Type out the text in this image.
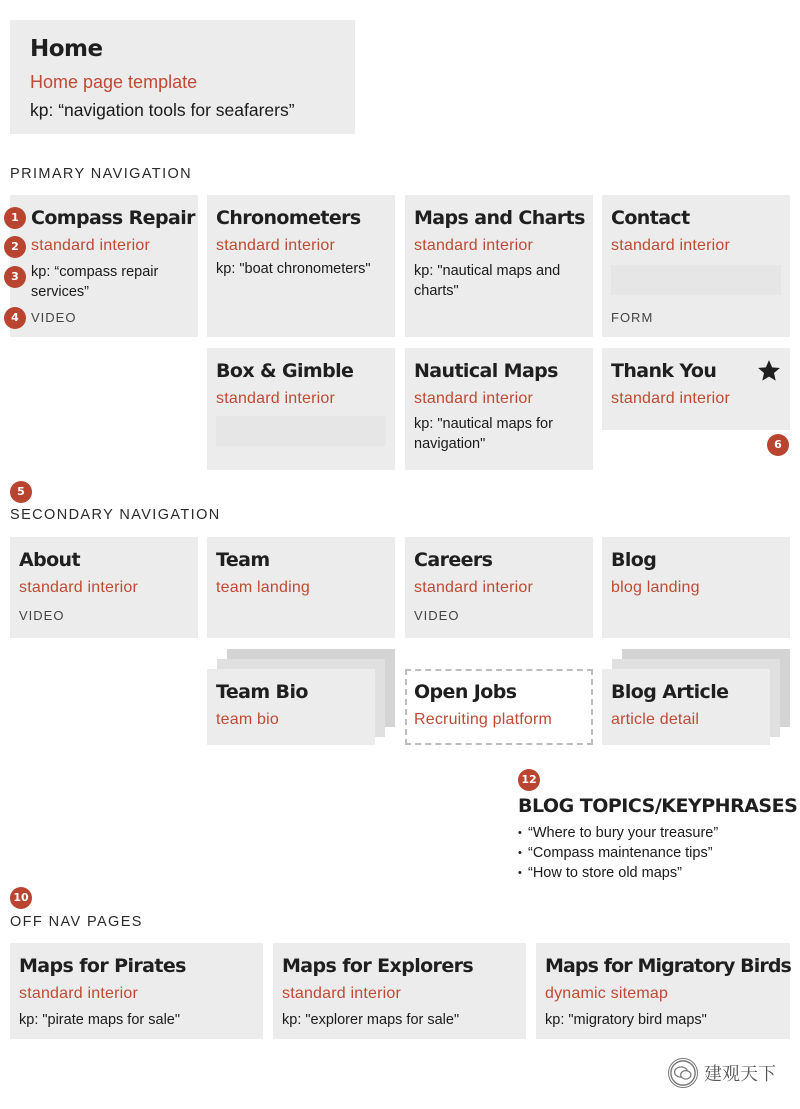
Home
Home page template
kp: “navigation tools for seafarers”
PRIMARY NAVIGATION
Compass Repair
standard interior
kp: “compass repair services”
VIDEO
1
2
3
4
Chronometers
standard interior
kp: "boat chronometers"
Maps and Charts
standard interior
kp: "nautical maps and charts"
Contact
standard interior
FORM
Box & Gimble
standard interior
Nautical Maps
standard interior
kp: "nautical maps for navigation"
Thank You
standard interior
6
5
SECONDARY NAVIGATION
About
standard interior
VIDEO
Team
team landing
Careers
standard interior
VIDEO
Blog
blog landing
Team Bio
team bio
Open Jobs
Recruiting platform
Blog Article
article detail
12
BLOG TOPICS/KEYPHRASES
• “Where to bury your treasure”
• “Compass maintenance tips”
• “How to store old maps”
10
OFF NAV PAGES
Maps for Pirates
standard interior
kp: "pirate maps for sale"
Maps for Explorers
standard interior
kp: "explorer maps for sale"
Maps for Migratory Birds
dynamic sitemap
kp: "migratory bird maps"
建观天下
